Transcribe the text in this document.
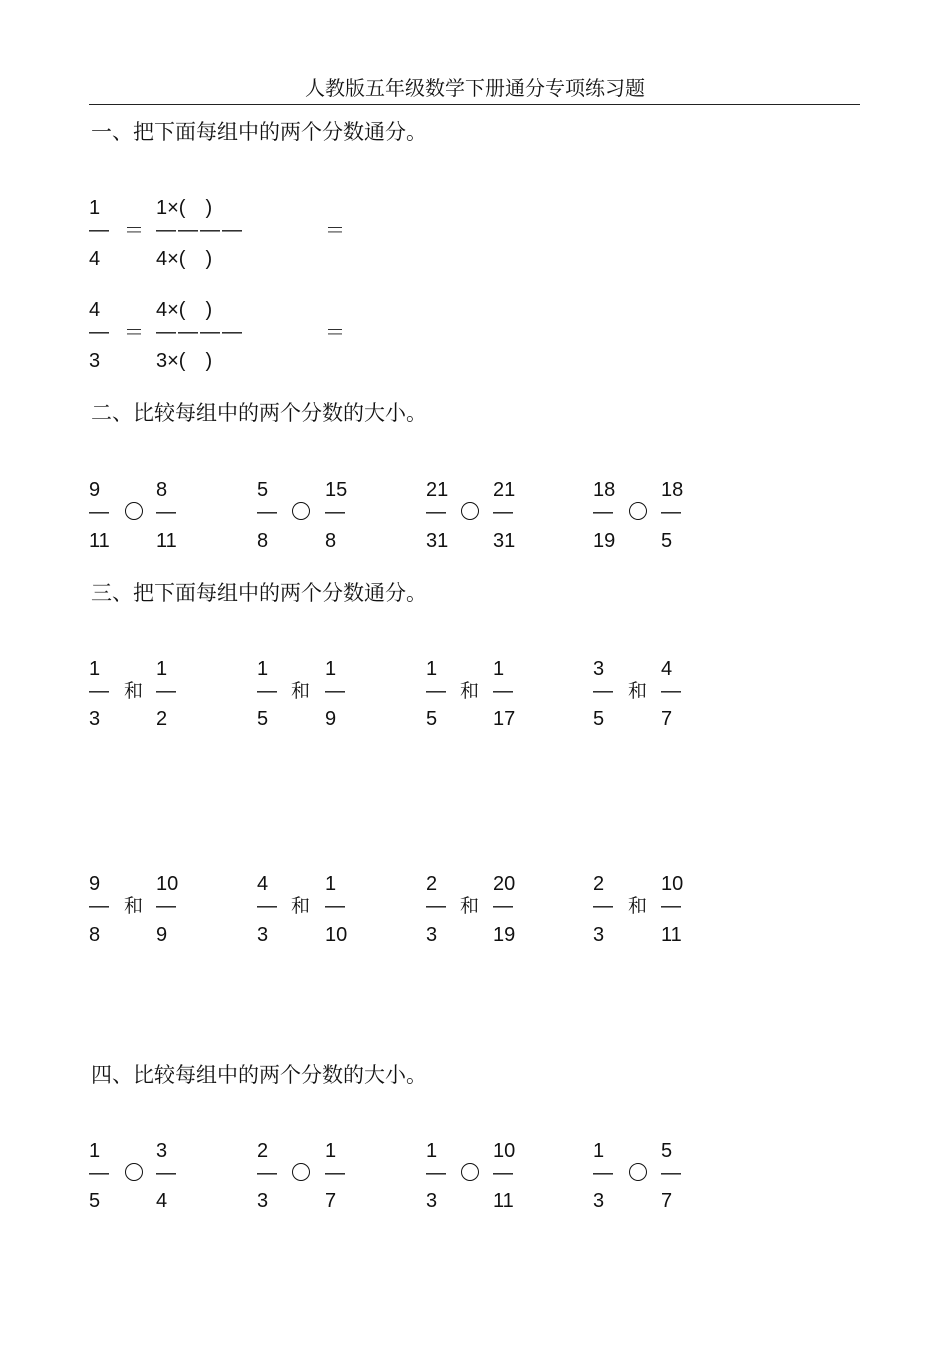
人教版五年级数学下册通分专项练习题
一、把下面每组中的两个分数通分。
1
—
4
＝
1×(　)
————
4×(　)
＝
4
—
3
＝
4×(　)
————
3×(　)
＝
二、比较每组中的两个分数的大小。
9
—
11
8
—
11
5
—
8
15
—
8
21
—
31
21
—
31
18
—
19
18
—
5
三、把下面每组中的两个分数通分。
1
—
3
和
1
—
2
1
—
5
和
1
—
9
1
—
5
和
1
—
17
3
—
5
和
4
—
7
9
—
8
和
10
—
9
4
—
3
和
1
—
10
2
—
3
和
20
—
19
2
—
3
和
10
—
11
四、比较每组中的两个分数的大小。
1
—
5
3
—
4
2
—
3
1
—
7
1
—
3
10
—
11
1
—
3
5
—
7
